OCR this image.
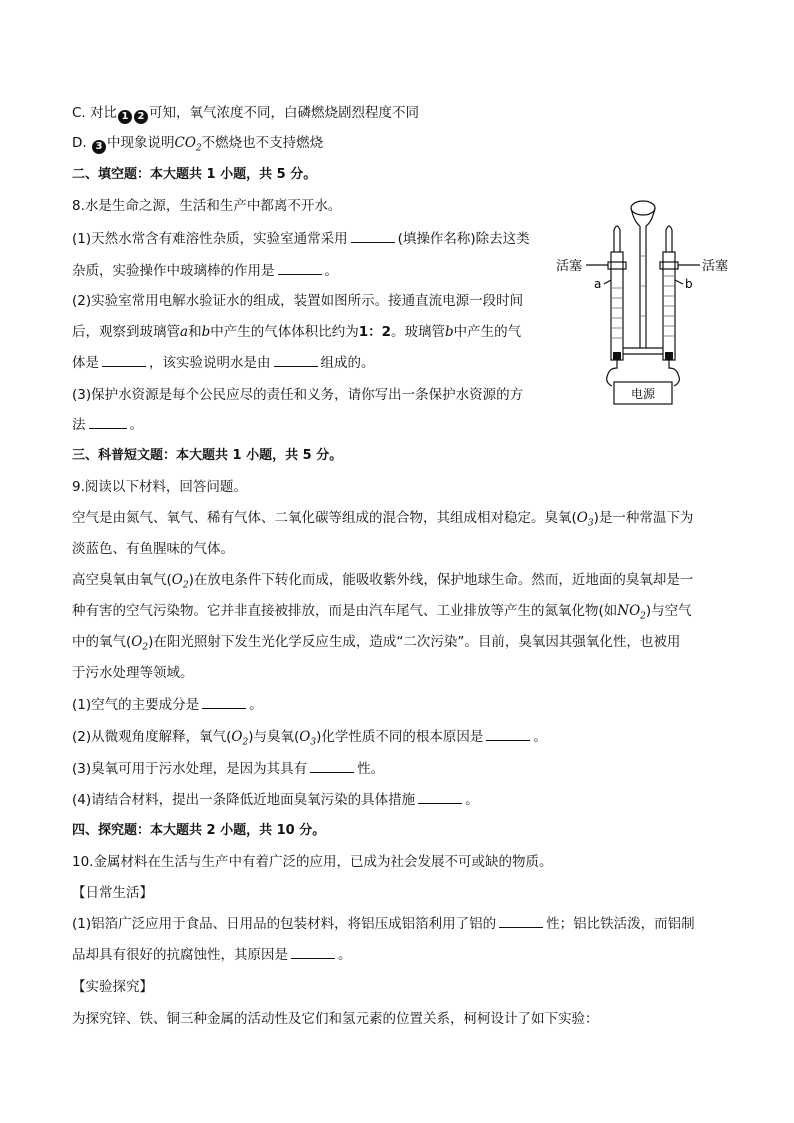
C. 对比 1 2 可知，氧气浓度不同，白磷燃烧剧烈程度不同
D. 3 中现象说明$CO_2$不燃烧也不支持燃烧
二、填空题：本大题共 1 小题，共 5 分。
8.水是生命之源，生活和生产中都离不开水。
(1)天然水常含有难溶性杂质，实验室通常采用	(填操作名称)除去这类
杂质，实验操作中玻璃棒的作用是	。
(2)实验室常用电解水验证水的组成，装置如图所示。接通直流电源一段时间
后，观察到玻璃管a和b中产生的气体体积比约为1：2。玻璃管b中产生的气
体是	，该实验说明水是由	组成的。
(3)保护水资源是每个公民应尽的责任和义务，请你写出一条保护水资源的方
法	。
活塞	活塞
a	b
电源
三、科普短文题：本大题共 1 小题，共 5 分。
9.阅读以下材料，回答问题。
空气是由氮气、氧气、稀有气体、二氧化碳等组成的混合物，其组成相对稳定。臭氧$(O_3)$是一种常温下为
淡蓝色、有鱼腥味的气体。
高空臭氧由氧气$(O_2)$在放电条件下转化而成，能吸收紫外线，保护地球生命。然而，近地面的臭氧却是一
种有害的空气污染物。它并非直接被排放，而是由汽车尾气、工业排放等产生的氮氧化物(如$NO_2$)与空气
中的氧气$(O_2)$在阳光照射下发生光化学反应生成，造成“二次污染”。目前，臭氧因其强氧化性，也被用
于污水处理等领域。
(1)空气的主要成分是	。
(2)从微观角度解释，氧气$(O_2)$与臭氧$(O_3)$化学性质不同的根本原因是	。
(3)臭氧可用于污水处理，是因为其具有	性。
(4)请结合材料，提出一条降低近地面臭氧污染的具体措施	。
四、探究题：本大题共 2 小题，共 10 分。
10.金属材料在生活与生产中有着广泛的应用，已成为社会发展不可或缺的物质。
【日常生活】
(1)铝箔广泛应用于食品、日用品的包装材料，将铝压成铝箔利用了铝的	性；铝比铁活泼，而铝制
品却具有很好的抗腐蚀性，其原因是	。
【实验探究】
为探究锌、铁、铜三种金属的活动性及它们和氢元素的位置关系，柯柯设计了如下实验：
